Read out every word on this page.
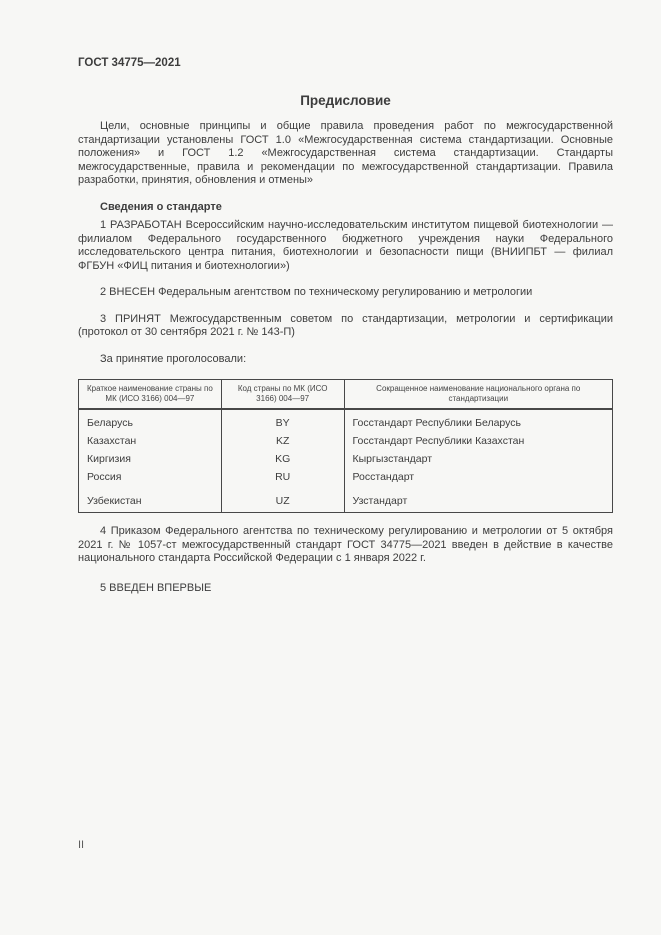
ГОСТ 34775—2021

Предисловие

Цели, основные принципы и общие правила проведения работ по межгосударственной стандартизации установлены ГОСТ 1.0 «Межгосударственная система стандартизации. Основные положения» и ГОСТ 1.2 «Межгосударственная система стандартизации. Стандарты межгосударственные, правила и рекомендации по межгосударственной стандартизации. Правила разработки, принятия, обновления и отмены»

Сведения о стандарте

1 РАЗРАБОТАН Всероссийским научно-исследовательским институтом пищевой биотехнологии — филиалом Федерального государственного бюджетного учреждения науки Федерального исследовательского центра питания, биотехнологии и безопасности пищи (ВНИИПБТ — филиал ФГБУН «ФИЦ питания и биотехнологии»)

2 ВНЕСЕН Федеральным агентством по техническому регулированию и метрологии

3 ПРИНЯТ Межгосударственным советом по стандартизации, метрологии и сертификации (протокол от 30 сентября 2021 г. № 143-П)

За принятие проголосовали:

Краткое наименование страны по МК (ИСО 3166) 004—97	Код страны по МК (ИСО 3166) 004—97	Сокращенное наименование национального органа по стандартизации
Беларусь	BY	Госстандарт Республики Беларусь
Казахстан	KZ	Госстандарт Республики Казахстан
Киргизия	KG	Кыргызстандарт
Россия	RU	Росстандарт
Узбекистан	UZ	Узстандарт

4 Приказом Федерального агентства по техническому регулированию и метрологии от 5 октября 2021 г. № 1057-ст межгосударственный стандарт ГОСТ 34775—2021 введен в действие в качестве национального стандарта Российской Федерации с 1 января 2022 г.

5 ВВЕДЕН ВПЕРВЫЕ

II
